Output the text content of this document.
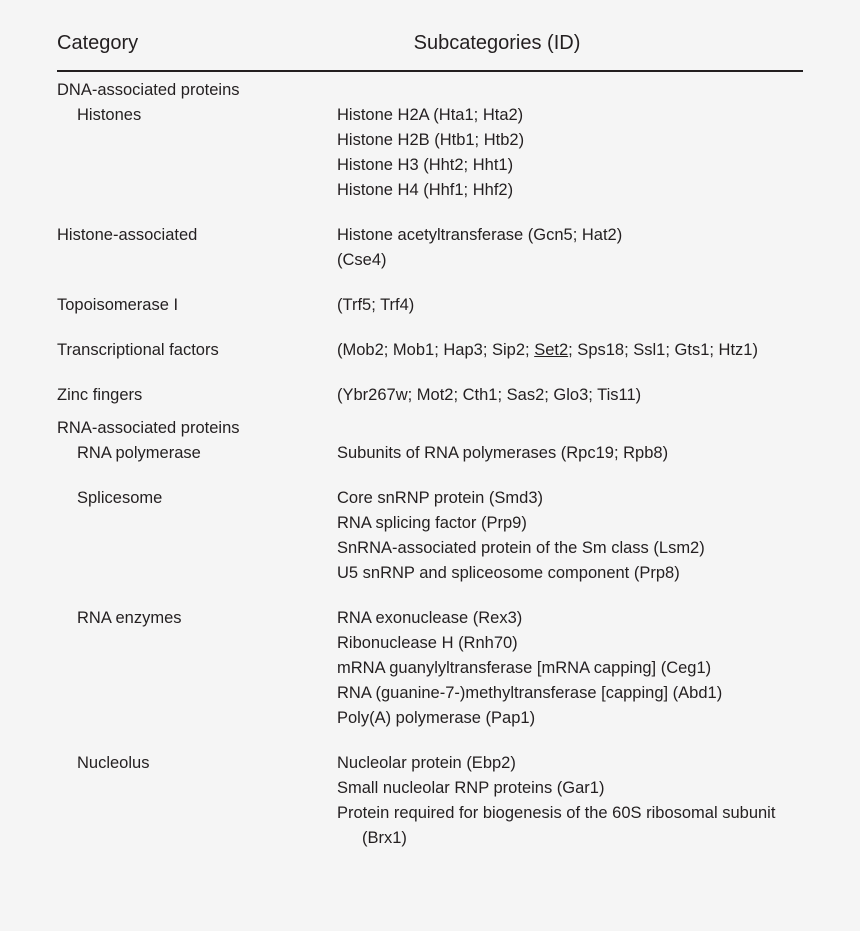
Category	Subcategories (ID)
DNA-associated proteins
Histones	Histone H2A (Hta1; Hta2)
Histone H2B (Htb1; Htb2)
Histone H3 (Hht2; Hht1)
Histone H4 (Hhf1; Hhf2)
Histone-associated	Histone acetyltransferase (Gcn5; Hat2)
(Cse4)
Topoisomerase I	(Trf5; Trf4)
Transcriptional factors	(Mob2; Mob1; Hap3; Sip2; Set2; Sps18; Ssl1; Gts1; Htz1)
Zinc fingers	(Ybr267w; Mot2; Cth1; Sas2; Glo3; Tis11)
RNA-associated proteins
RNA polymerase	Subunits of RNA polymerases (Rpc19; Rpb8)
Splicesome	Core snRNP protein (Smd3)
RNA splicing factor (Prp9)
SnRNA-associated protein of the Sm class (Lsm2)
U5 snRNP and spliceosome component (Prp8)
RNA enzymes	RNA exonuclease (Rex3)
Ribonuclease H (Rnh70)
mRNA guanylyltransferase [mRNA capping] (Ceg1)
RNA (guanine-7-)methyltransferase [capping] (Abd1)
Poly(A) polymerase (Pap1)
Nucleolus	Nucleolar protein (Ebp2)
Small nucleolar RNP proteins (Gar1)
Protein required for biogenesis of the 60S ribosomal subunit (Brx1)
